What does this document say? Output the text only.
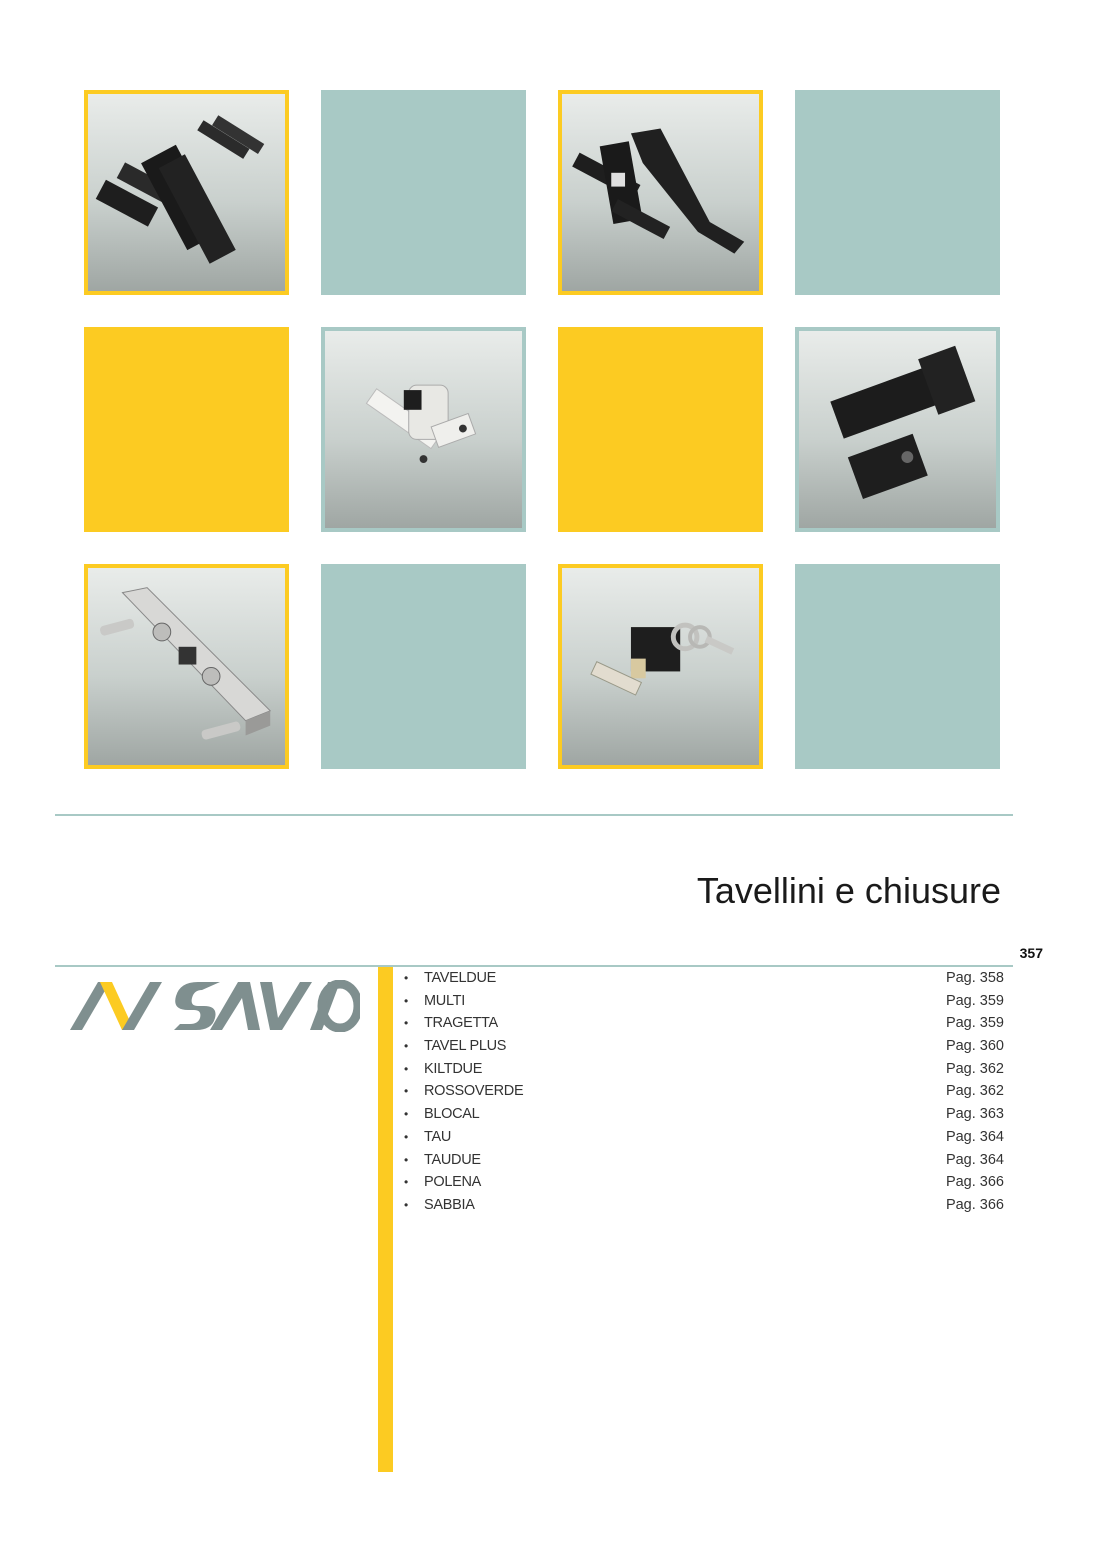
Tavellini e chiusure
357
• TAVELDUE	Pag. 358
• MULTI	Pag. 359
• TRAGETTA	Pag. 359
• TAVEL PLUS	Pag. 360
• KILTDUE	Pag. 362
• ROSSOVERDE	Pag. 362
• BLOCAL	Pag. 363
• TAU	Pag. 364
• TAUDUE	Pag. 364
• POLENA	Pag. 366
• SABBIA	Pag. 366
